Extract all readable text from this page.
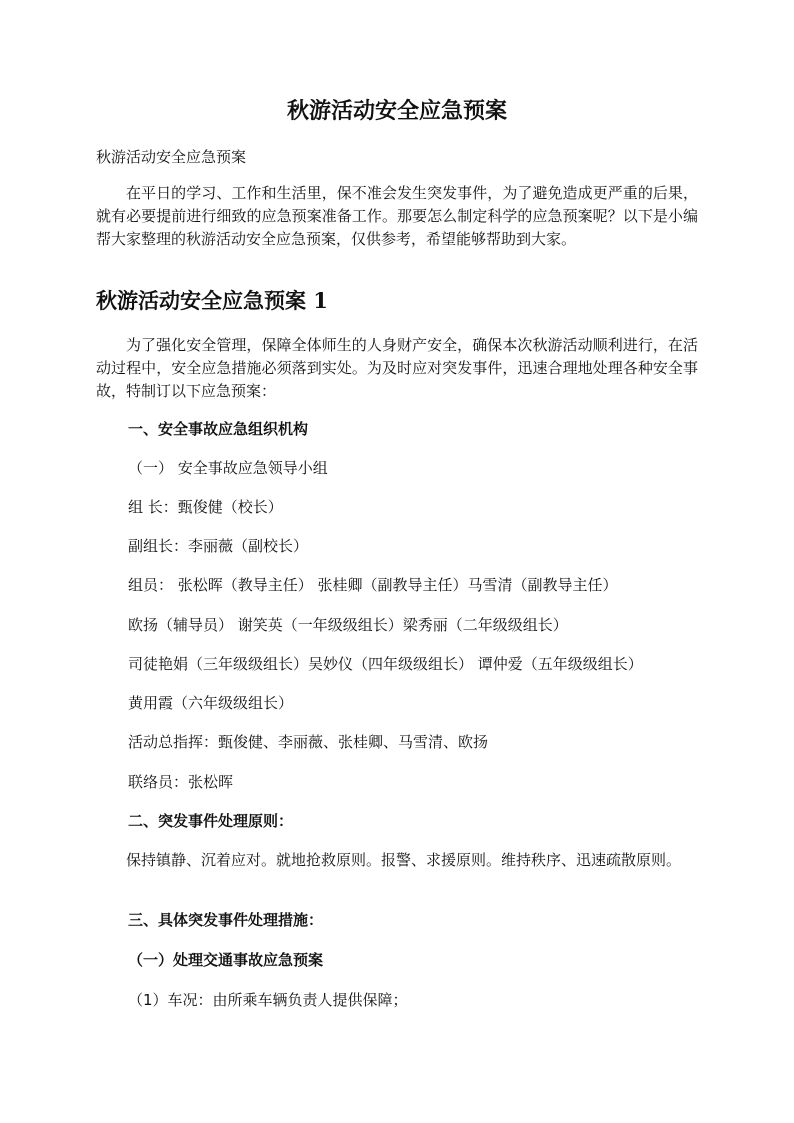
秋游活动安全应急预案

秋游活动安全应急预案

在平日的学习、工作和生活里，保不准会发生突发事件，为了避免造成更严重的后果，就有必要提前进行细致的应急预案准备工作。那要怎么制定科学的应急预案呢？以下是小编帮大家整理的秋游活动安全应急预案，仅供参考，希望能够帮助到大家。

秋游活动安全应急预案 1

为了强化安全管理，保障全体师生的人身财产安全，确保本次秋游活动顺利进行，在活动过程中，安全应急措施必须落到实处。为及时应对突发事件，迅速合理地处理各种安全事故，特制订以下应急预案：

一、安全事故应急组织机构

（一） 安全事故应急领导小组

组 长：甄俊健（校长）

副组长：李丽薇（副校长）

组员： 张松晖（教导主任） 张桂卿（副教导主任）马雪清（副教导主任）

欧扬（辅导员） 谢笑英（一年级级组长）梁秀丽（二年级级组长）

司徒艳娟（三年级级组长）吴妙仪（四年级级组长） 谭仲爱（五年级级组长）

黄用霞（六年级级组长）

活动总指挥：甄俊健、李丽薇、张桂卿、马雪清、欧扬

联络员：张松晖

二、突发事件处理原则：

保持镇静、沉着应对。就地抢救原则。报警、求援原则。维持秩序、迅速疏散原则。

三、具体突发事件处理措施：

（一）处理交通事故应急预案

（1）车况：由所乘车辆负责人提供保障；
